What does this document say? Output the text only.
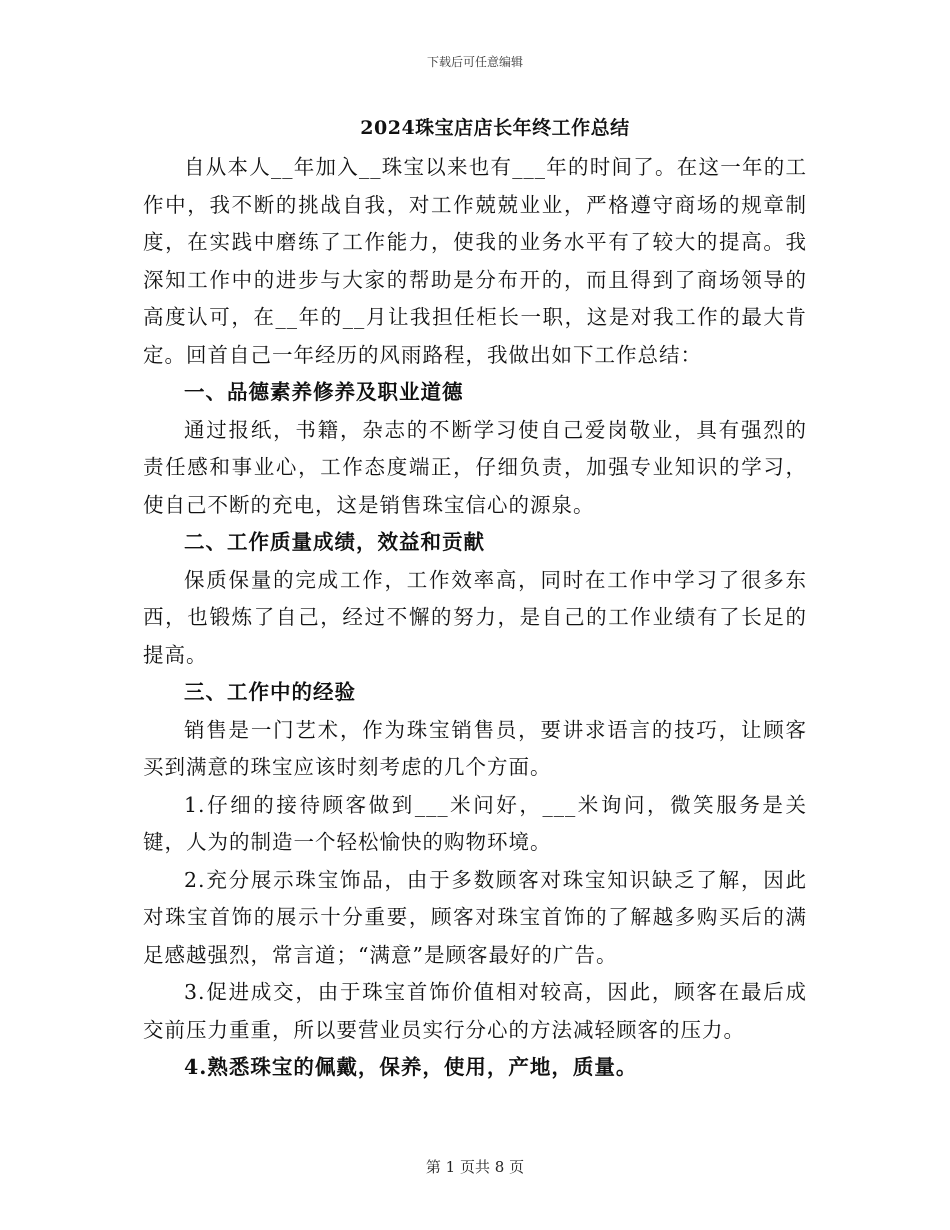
下载后可任意编辑
2024珠宝店店长年终工作总结

自从本人__年加入__珠宝以来也有___年的时间了。在这一年的工作中，我不断的挑战自我，对工作兢兢业业，严格遵守商场的规章制度，在实践中磨练了工作能力，使我的业务水平有了较大的提高。我深知工作中的进步与大家的帮助是分布开的，而且得到了商场领导的高度认可，在__年的__月让我担任柜长一职，这是对我工作的最大肯定。回首自己一年经历的风雨路程，我做出如下工作总结：

一、品德素养修养及职业道德

通过报纸，书籍，杂志的不断学习使自己爱岗敬业，具有强烈的责任感和事业心，工作态度端正，仔细负责，加强专业知识的学习，使自己不断的充电，这是销售珠宝信心的源泉。

二、工作质量成绩，效益和贡献

保质保量的完成工作，工作效率高，同时在工作中学习了很多东西，也锻炼了自己，经过不懈的努力，是自己的工作业绩有了长足的提高。

三、工作中的经验

销售是一门艺术，作为珠宝销售员，要讲求语言的技巧，让顾客买到满意的珠宝应该时刻考虑的几个方面。

1.仔细的接待顾客做到___米问好，___米询问，微笑服务是关键，人为的制造一个轻松愉快的购物环境。

2.充分展示珠宝饰品，由于多数顾客对珠宝知识缺乏了解，因此对珠宝首饰的展示十分重要，顾客对珠宝首饰的了解越多购买后的满足感越强烈，常言道；“满意”是顾客最好的广告。

3.促进成交，由于珠宝首饰价值相对较高，因此，顾客在最后成交前压力重重，所以要营业员实行分心的方法减轻顾客的压力。

4.熟悉珠宝的佩戴，保养，使用，产地，质量。

第 1 页共 8 页
